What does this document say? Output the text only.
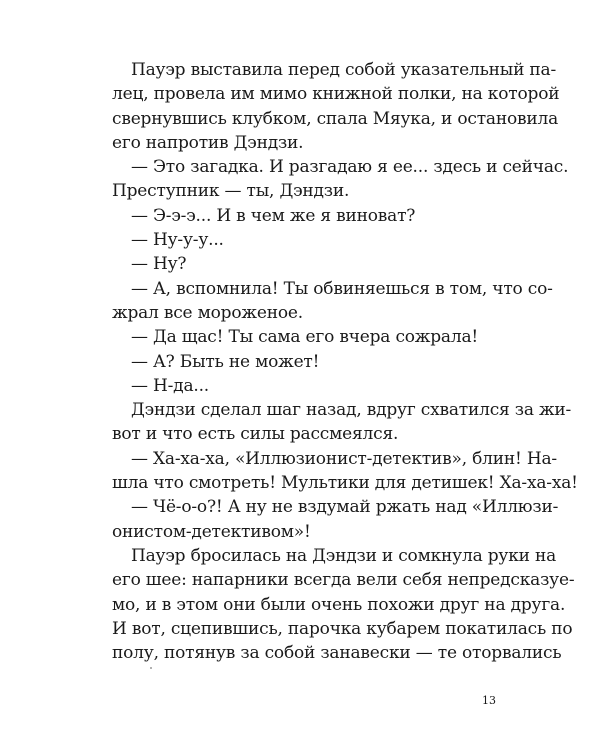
Пауэр выставила перед собой указательный па-
лец, провела им мимо книжной полки, на которой
свернувшись клубком, спала Мяука, и остановила
его напротив Дэндзи.
— Это загадка. И разгадаю я ее... здесь и сейчас.
Преступник — ты, Дэндзи.
— Э-э-э... И в чем же я виноват?
— Ну-у-у...
— Ну?
— А, вспомнила! Ты обвиняешься в том, что со-
жрал все мороженое.
— Да щас! Ты сама его вчера сожрала!
— А? Быть не может!
— Н-да...
Дэндзи сделал шаг назад, вдруг схватился за жи-
вот и что есть силы рассмеялся.
— Ха-ха-ха, «Иллюзионист-детектив», блин! На-
шла что смотреть! Мультики для детишек! Ха-ха-ха!
— Чё-о-о?! А ну не вздумай ржать над «Иллюзи-
онистом-детективом»!
Пауэр бросилась на Дэндзи и сомкнула руки на
его шее: напарники всегда вели себя непредсказуе-
мо, и в этом они были очень похожи друг на друга.
И вот, сцепившись, парочка кубарем покатилась по
полу, потянув за собой занавески — те оторвались
13
